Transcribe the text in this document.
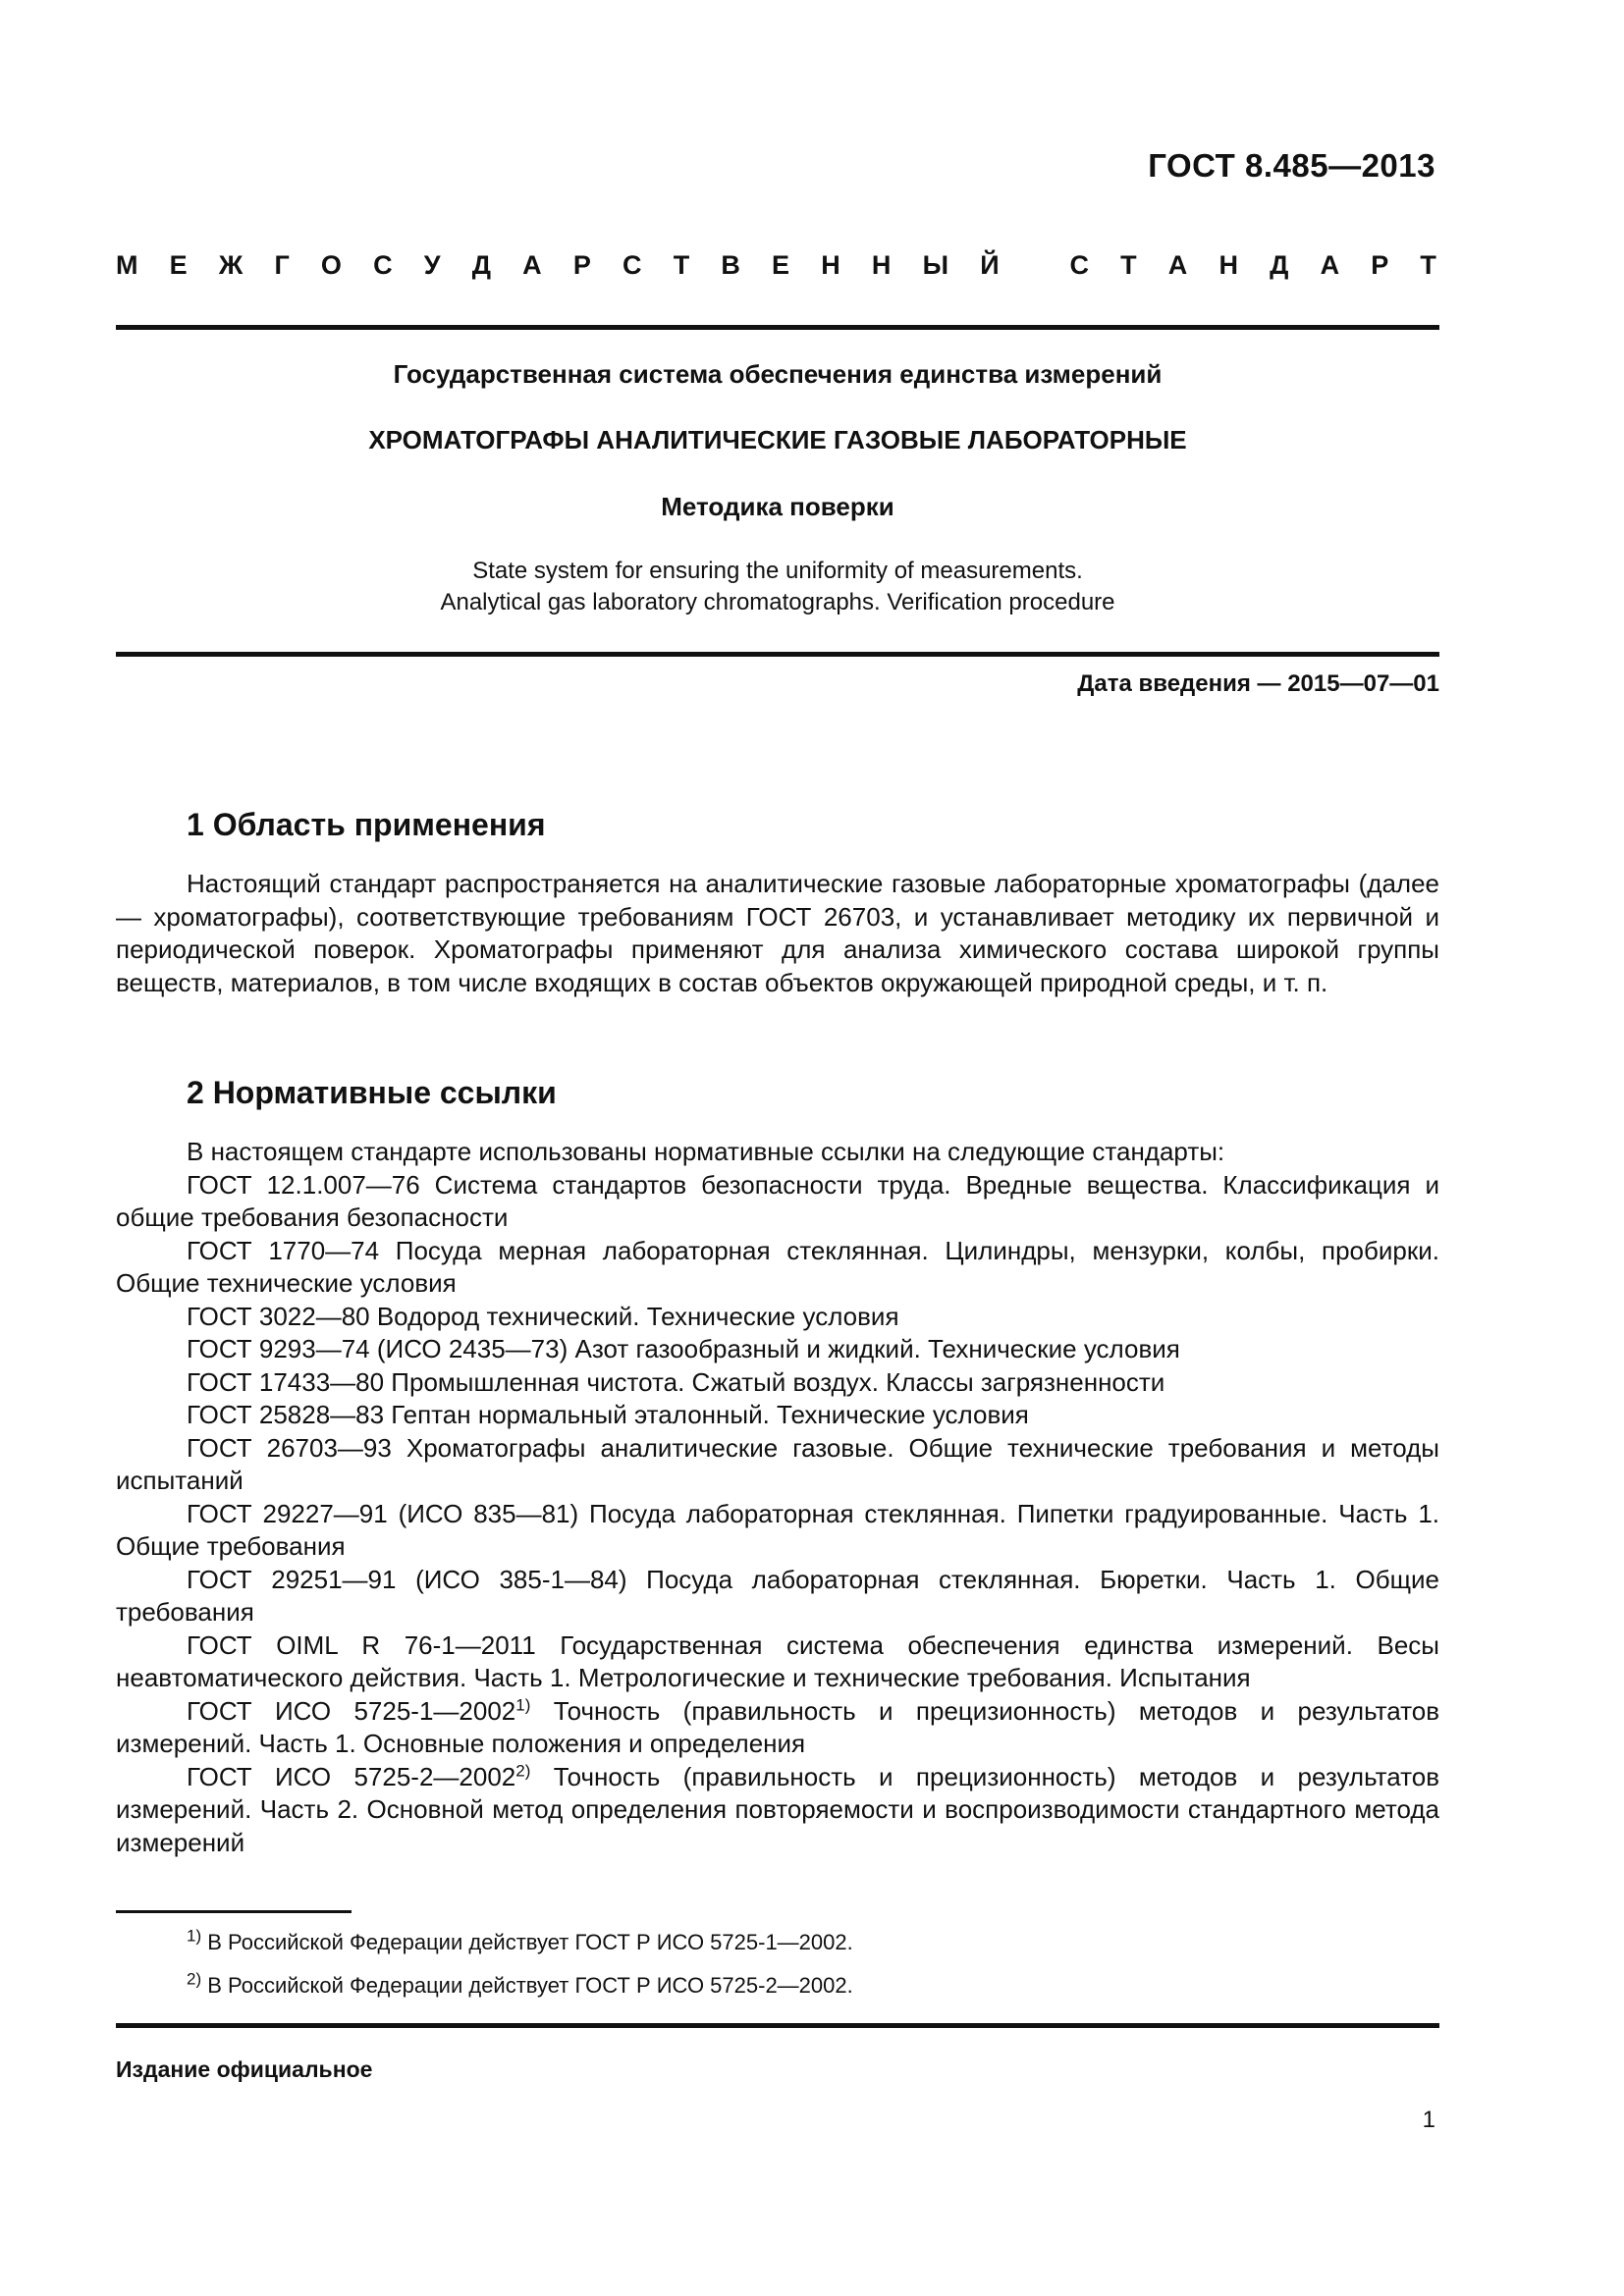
ГОСТ 8.485—2013
М Е Ж Г О С У Д А Р С Т В Е Н Н Ы Й
	С Т А Н Д А Р Т
Государственная система обеспечения единства измерений
ХРОМАТОГРАФЫ АНАЛИТИЧЕСКИЕ ГАЗОВЫЕ ЛАБОРАТОРНЫЕ
Методика поверки
State system for ensuring the uniformity of measurements.
Analytical gas laboratory chromatographs. Verification procedure
Дата введения — 2015—07—01
1 Область применения

Настоящий стандарт распространяется на аналитические газовые лабораторные хроматографы (далее — хроматографы), соответствующие требованиям ГОСТ 26703, и устанавливает методику их первичной и периодической поверок. Хроматографы применяют для анализа химического состава широкой группы веществ, материалов, в том числе входящих в состав объектов окружающей природной среды, и т. п.

2 Нормативные ссылки

В настоящем стандарте использованы нормативные ссылки на следующие стандарты:

ГОСТ 12.1.007—76 Система стандартов безопасности труда. Вредные вещества. Классификация и общие требования безопасности

ГОСТ 1770—74 Посуда мерная лабораторная стеклянная. Цилиндры, мензурки, колбы, пробирки. Общие технические условия

ГОСТ 3022—80 Водород технический. Технические условия

ГОСТ 9293—74 (ИСО 2435—73) Азот газообразный и жидкий. Технические условия

ГОСТ 17433—80 Промышленная чистота. Сжатый воздух. Классы загрязненности

ГОСТ 25828—83 Гептан нормальный эталонный. Технические условия

ГОСТ 26703—93 Хроматографы аналитические газовые. Общие технические требования и методы испытаний

ГОСТ 29227—91 (ИСО 835—81) Посуда лабораторная стеклянная. Пипетки градуированные. Часть 1. Общие требования

ГОСТ 29251—91 (ИСО 385-1—84) Посуда лабораторная стеклянная. Бюретки. Часть 1. Общие требования

ГОСТ OIML R 76-1—2011 Государственная система обеспечения единства измерений. Весы неавтоматического действия. Часть 1. Метрологические и технические требования. Испытания

ГОСТ ИСО 5725-1—2002$^{1)}$ Точность (правильность и прецизионность) методов и результатов измерений. Часть 1. Основные положения и определения

ГОСТ ИСО 5725-2—2002$^{2)}$ Точность (правильность и прецизионность) методов и результатов измерений. Часть 2. Основной метод определения повторяемости и воспроизводимости стандартного метода измерений

$^{1)}$ В Российской Федерации действует ГОСТ Р ИСО 5725-1—2002.
$^{2)}$ В Российской Федерации действует ГОСТ Р ИСО 5725-2—2002.
Издание официальное
1
